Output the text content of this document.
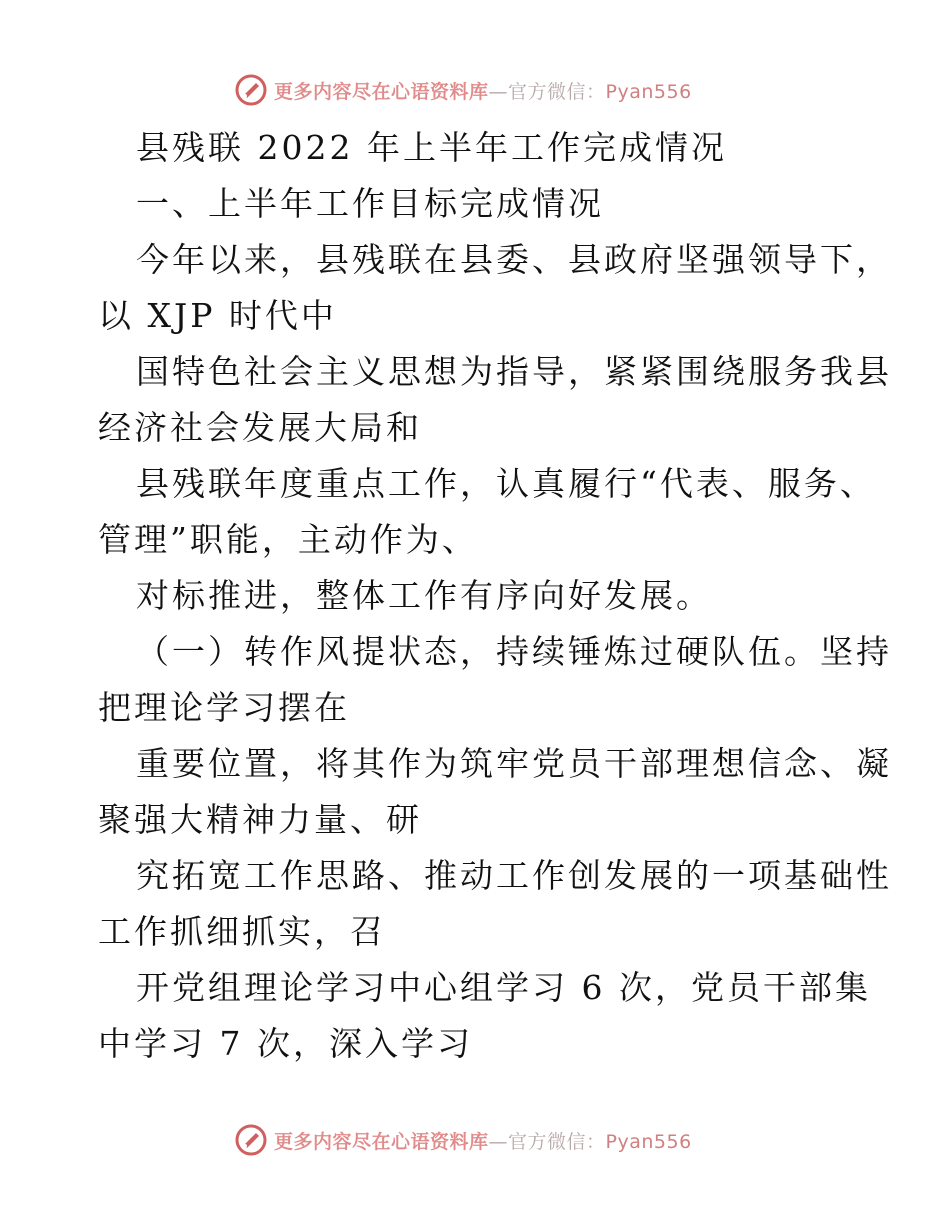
更多内容尽在心语资料库—官方微信：Pyan556
县残联 2022 年上半年工作完成情况
一、上半年工作目标完成情况
今年以来，县残联在县委、县政府坚强领导下，
以 XJP 时代中
国特色社会主义思想为指导，紧紧围绕服务我县
经济社会发展大局和
县残联年度重点工作，认真履行“代表、服务、
管理”职能，主动作为、
对标推进，整体工作有序向好发展。
（一）转作风提状态，持续锤炼过硬队伍。坚持
把理论学习摆在
重要位置，将其作为筑牢党员干部理想信念、凝
聚强大精神力量、研
究拓宽工作思路、推动工作创发展的一项基础性
工作抓细抓实，召
开党组理论学习中心组学习 6 次，党员干部集
中学习 7 次，深入学习
更多内容尽在心语资料库—官方微信：Pyan556
